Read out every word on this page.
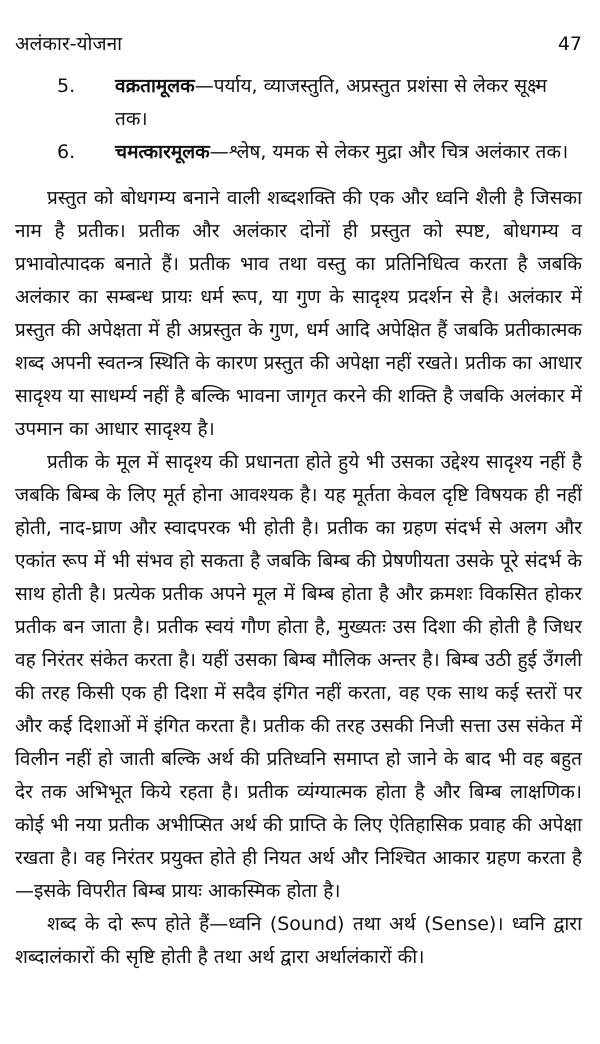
अलंकार-योजना	47
5.	वक्रतामूलक—पर्याय, व्याजस्तुति, अप्रस्तुत प्रशंसा से लेकर सूक्ष्म तक।
6.	चमत्कारमूलक—श्लेष, यमक से लेकर मुद्रा और चित्र अलंकार तक।

प्रस्तुत को बोधगम्य बनाने वाली शब्दशक्ति की एक और ध्वनि शैली है जिसका नाम है प्रतीक। प्रतीक और अलंकार दोनों ही प्रस्तुत को स्पष्ट, बोधगम्य व प्रभावोत्पादक बनाते हैं। प्रतीक भाव तथा वस्तु का प्रतिनिधित्व करता है जबकि अलंकार का सम्बन्ध प्रायः धर्म रूप, या गुण के सादृश्य प्रदर्शन से है। अलंकार में प्रस्तुत की अपेक्षता में ही अप्रस्तुत के गुण, धर्म आदि अपेक्षित हैं जबकि प्रतीकात्मक शब्द अपनी स्वतन्त्र स्थिति के कारण प्रस्तुत की अपेक्षा नहीं रखते। प्रतीक का आधार सादृश्य या साधर्म्य नहीं है बल्कि भावना जागृत करने की शक्ति है जबकि अलंकार में उपमान का आधार सादृश्य है।

प्रतीक के मूल में सादृश्य की प्रधानता होते हुये भी उसका उद्देश्य सादृश्य नहीं है जबकि बिम्ब के लिए मूर्त होना आवश्यक है। यह मूर्तता केवल दृष्टि विषयक ही नहीं होती, नाद-घ्राण और स्वादपरक भी होती है। प्रतीक का ग्रहण संदर्भ से अलग और एकांत रूप में भी संभव हो सकता है जबकि बिम्ब की प्रेषणीयता उसके पूरे संदर्भ के साथ होती है। प्रत्येक प्रतीक अपने मूल में बिम्ब होता है और क्रमशः विकसित होकर प्रतीक बन जाता है। प्रतीक स्वयं गौण होता है, मुख्यतः उस दिशा की होती है जिधर वह निरंतर संकेत करता है। यहीं उसका बिम्ब मौलिक अन्तर है। बिम्ब उठी हुई उँगली की तरह किसी एक ही दिशा में सदैव इंगित नहीं करता, वह एक साथ कई स्तरों पर और कई दिशाओं में इंगित करता है। प्रतीक की तरह उसकी निजी सत्ता उस संकेत में विलीन नहीं हो जाती बल्कि अर्थ की प्रतिध्वनि समाप्त हो जाने के बाद भी वह बहुत देर तक अभिभूत किये रहता है। प्रतीक व्यंग्यात्मक होता है और बिम्ब लाक्षणिक। कोई भी नया प्रतीक अभीप्सित अर्थ की प्राप्ति के लिए ऐतिहासिक प्रवाह की अपेक्षा रखता है। वह निरंतर प्रयुक्त होते ही नियत अर्थ और निश्चित आकार ग्रहण करता है—इसके विपरीत बिम्ब प्रायः आकस्मिक होता है।

शब्द के दो रूप होते हैं—ध्वनि (Sound) तथा अर्थ (Sense)। ध्वनि द्वारा शब्दालंकारों की सृष्टि होती है तथा अर्थ द्वारा अर्थालंकारों की।
